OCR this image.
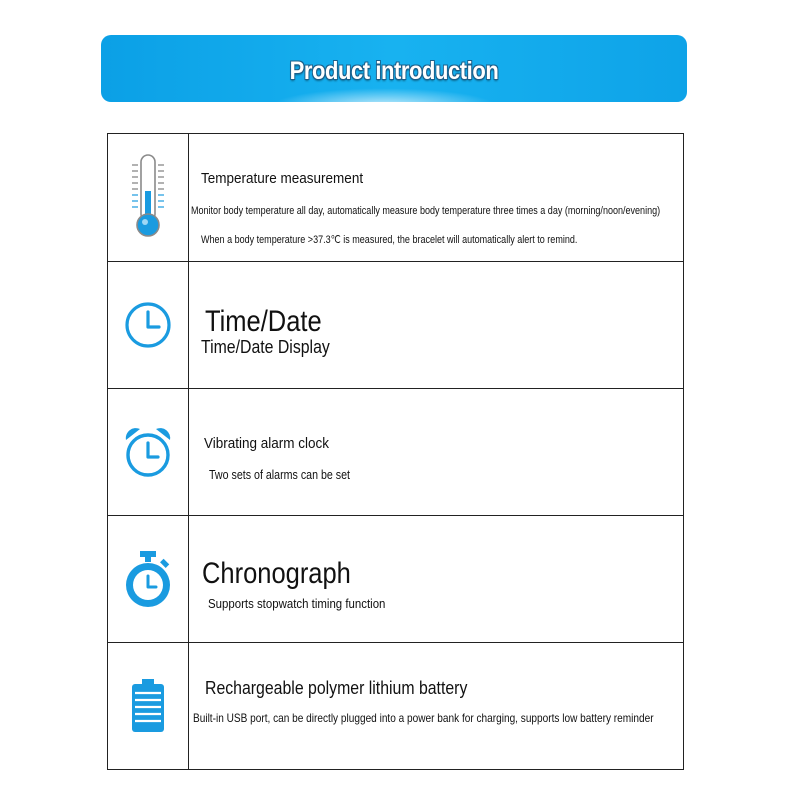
Product introduction
Temperature measurement
Monitor body temperature all day, automatically measure body temperature three times a day (morning/noon/evening)
When a body temperature >37.3℃ is measured, the bracelet will automatically alert to remind.
Time/Date
Time/Date Display
Vibrating alarm clock
Two sets of alarms can be set
Chronograph
Supports stopwatch timing function
Rechargeable polymer lithium battery
Built-in USB port, can be directly plugged into a power bank for charging, supports low battery reminder
